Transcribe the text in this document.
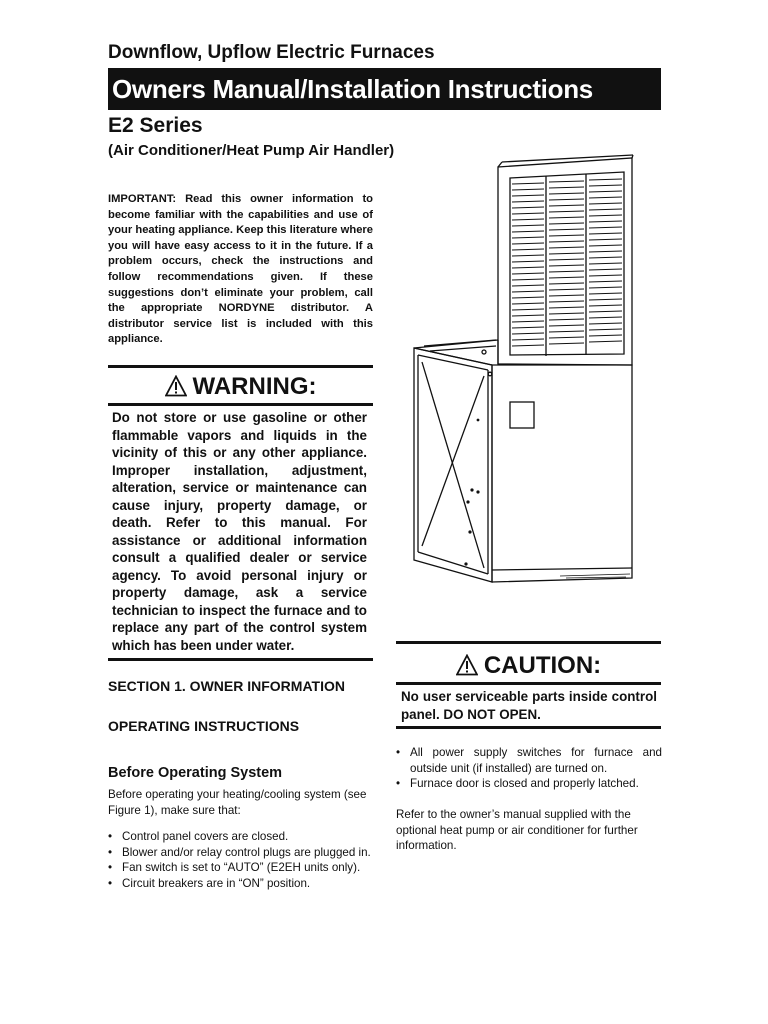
Downflow, Upflow Electric Furnaces
Owners Manual/Installation Instructions
E2 Series
(Air Conditioner/Heat Pump Air Handler)
IMPORTANT: Read this owner information to become familiar with the capabilities and use of your heating appliance. Keep this literature where you will have easy access to it in the future. If a problem occurs, check the instructions and follow recommendations given. If these suggestions don’t eliminate your problem, call the appropriate NORDYNE distributor. A distributor service list is included with this appliance.
WARNING:
Do not store or use gasoline or other flammable vapors and liquids in the vicinity of this or any other appliance. Improper installation, adjustment, alteration, service or maintenance can cause injury, property damage, or death. Refer to this manual. For assistance or additional information consult a qualified dealer or service agency. To avoid personal injury or property damage, ask a service technician to inspect the furnace and to replace any part of the control system which has been under water.
CAUTION:
No user serviceable parts inside control panel. DO NOT OPEN.
SECTION 1. OWNER INFORMATION
OPERATING INSTRUCTIONS
Before Operating System
Before operating your heating/cooling system (see Figure 1), make sure that:
• Control panel covers are closed.
• Blower and/or relay control plugs are plugged in.
• Fan switch is set to “AUTO” (E2EH units only).
• Circuit breakers are in “ON” position.
• All power supply switches for furnace and outside unit (if installed) are turned on.
• Furnace door is closed and properly latched.
Refer to the owner’s manual supplied with the optional heat pump or air conditioner for further information.
